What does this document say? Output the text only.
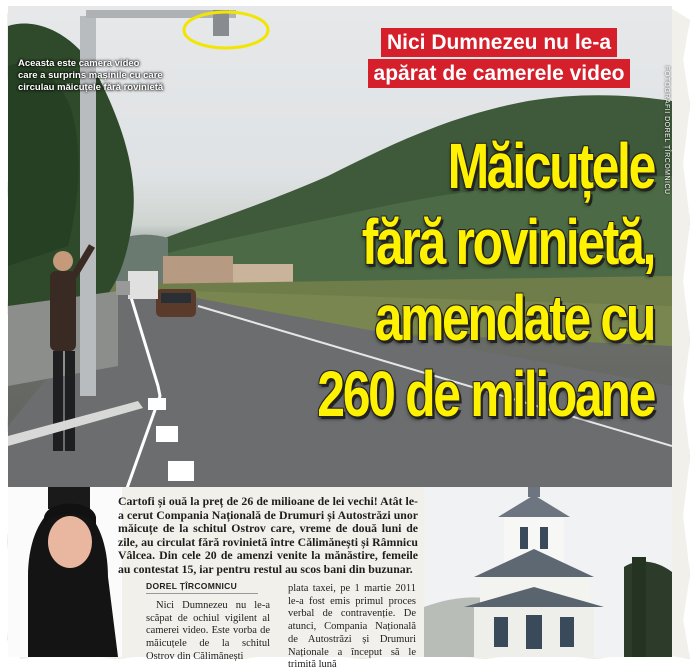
Aceasta este camera video
care a surprins mașinile cu care
circulau măicuțele fără rovinietă
Nici Dumnezeu nu le-a
apărat de camerele video	FOTOGRAFII DOREL ȚÎRCOMNICU
Măicuțele
fără rovinietă,
amendate cu
260 de milioane
Cartofi și ouă la preț de 26 de milioane de lei vechi! Atât le-a cerut Compania Națională de Drumuri și Autostrăzi unor măicuțe de la schitul Ostrov care, vreme de două luni de zile, au circulat fără rovinietă între Călimănești și Râmnicu Vâlcea. Din cele 20 de amenzi venite la mănăstire, femeile au contestat 15, iar pentru restul au scos bani din buzunar.
DOREL ȚÎRCOMNICU
Nici Dumnezeu nu le-a scăpat de ochiul vigilent al camerei video. Este vorba de măicuțele de la schitul Ostrov din Călimănești
plata taxei, pe 1 martie 2011 le-a fost emis primul proces verbal de contravenție. De atunci, Compania Națională de Autostrăzi și Drumuri Naționale a început să le trimită lună
